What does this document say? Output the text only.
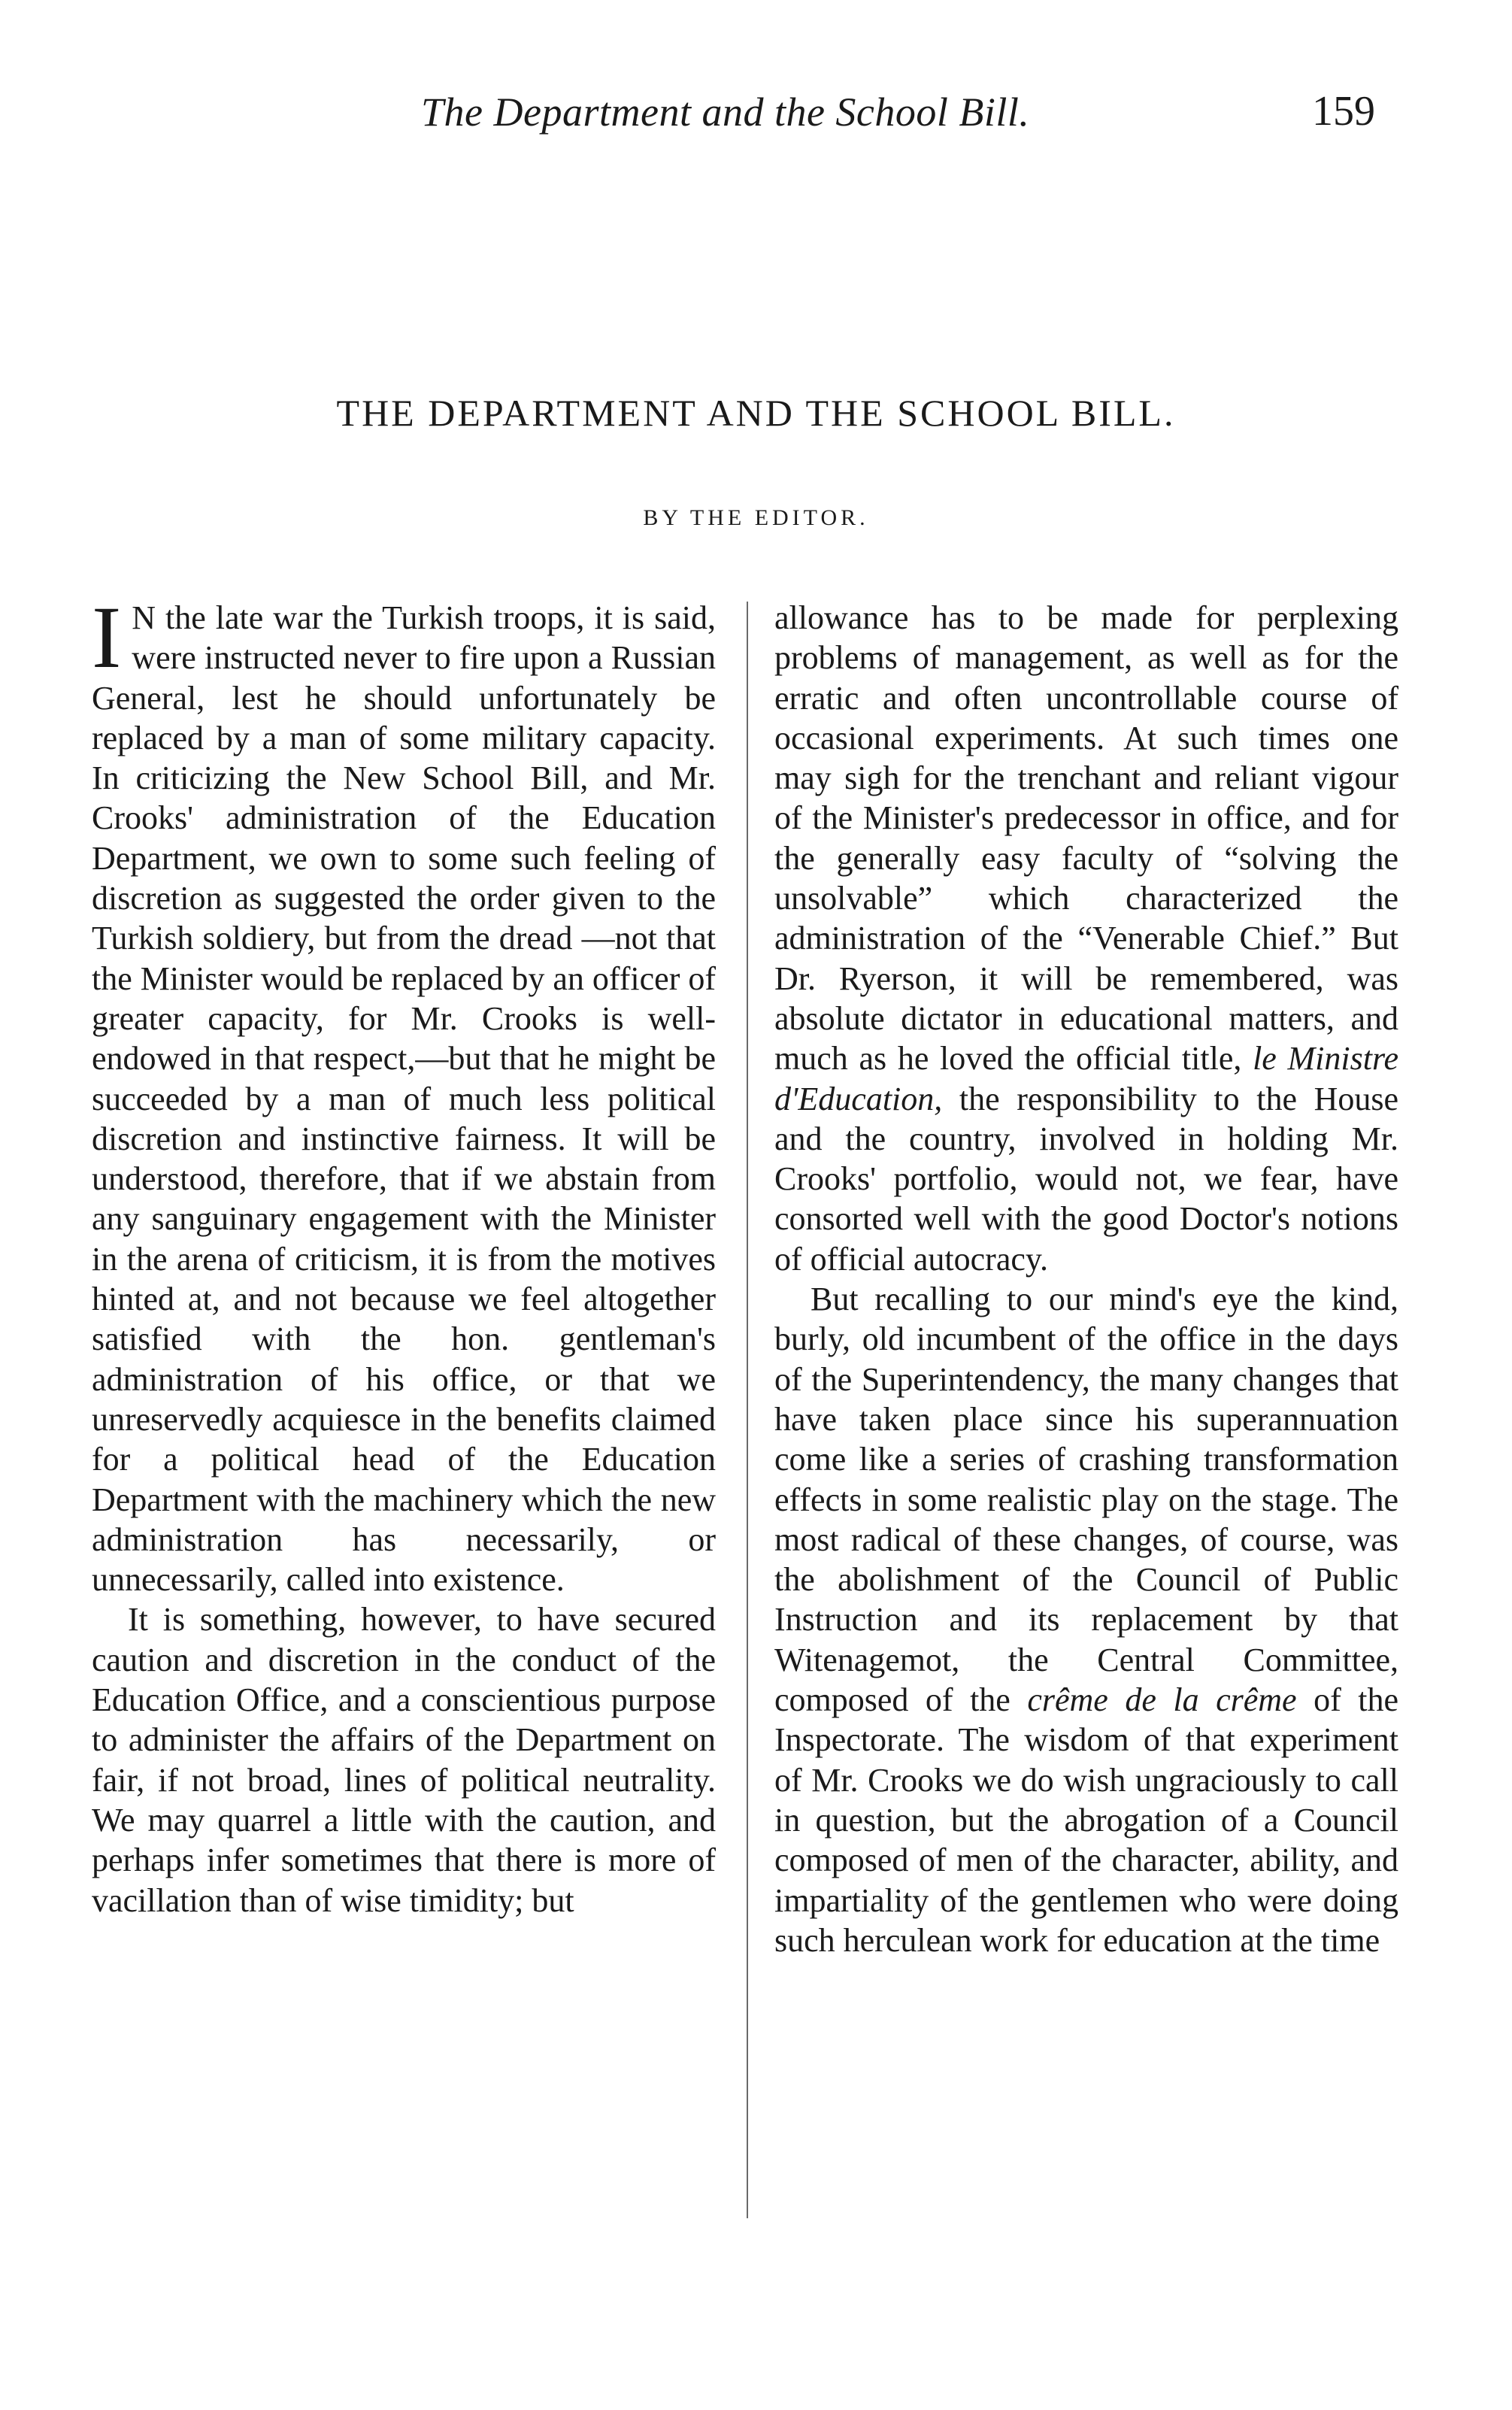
The Department and the School Bill.	159
THE DEPARTMENT AND THE SCHOOL BILL.
BY THE EDITOR.

I N the late war the Turkish troops, it is said, were instructed never to fire upon a Russian General, lest he should unfortunately be replaced by a man of some military capacity. In criticizing the New School Bill, and Mr. Crooks' administration of the Education Department, we own to some such feeling of discretion as suggested the order given to the Turkish soldiery, but from the dread —not that the Minister would be replaced by an officer of greater capacity, for Mr. Crooks is well-endowed in that respect,—but that he might be succeeded by a man of much less political discretion and instinctive fairness. It will be understood, therefore, that if we abstain from any sanguinary engagement with the Minister in the arena of criticism, it is from the motives hinted at, and not because we feel altogether satisfied with the hon. gentleman's administration of his office, or that we unreservedly acquiesce in the benefits claimed for a political head of the Education Department with the machinery which the new administration has necessarily, or unnecessarily, called into existence.

It is something, however, to have secured caution and discretion in the conduct of the Education Office, and a conscientious purpose to administer the affairs of the Department on fair, if not broad, lines of political neutrality. We may quarrel a little with the caution, and perhaps infer sometimes that there is more of vacillation than of wise timidity; but

allowance has to be made for perplexing problems of management, as well as for the erratic and often uncontrollable course of occasional experiments. At such times one may sigh for the trenchant and reliant vigour of the Minister's predecessor in office, and for the generally easy faculty of “solving the unsolvable” which characterized the administration of the “Venerable Chief.” But Dr. Ryerson, it will be remembered, was absolute dictator in educational matters, and much as he loved the official title, le Ministre d'Education, the responsibility to the House and the country, involved in holding Mr. Crooks' portfolio, would not, we fear, have consorted well with the good Doctor's notions of official autocracy.

But recalling to our mind's eye the kind, burly, old incumbent of the office in the days of the Superintendency, the many changes that have taken place since his superannuation come like a series of crashing transformation effects in some realistic play on the stage. The most radical of these changes, of course, was the abolishment of the Council of Public Instruction and its replacement by that Witenagemot, the Central Committee, composed of the crême de la crême of the Inspectorate. The wisdom of that experiment of Mr. Crooks we do wish ungraciously to call in question, but the abrogation of a Council composed of men of the character, ability, and impartiality of the gentlemen who were doing such herculean work for education at the time
